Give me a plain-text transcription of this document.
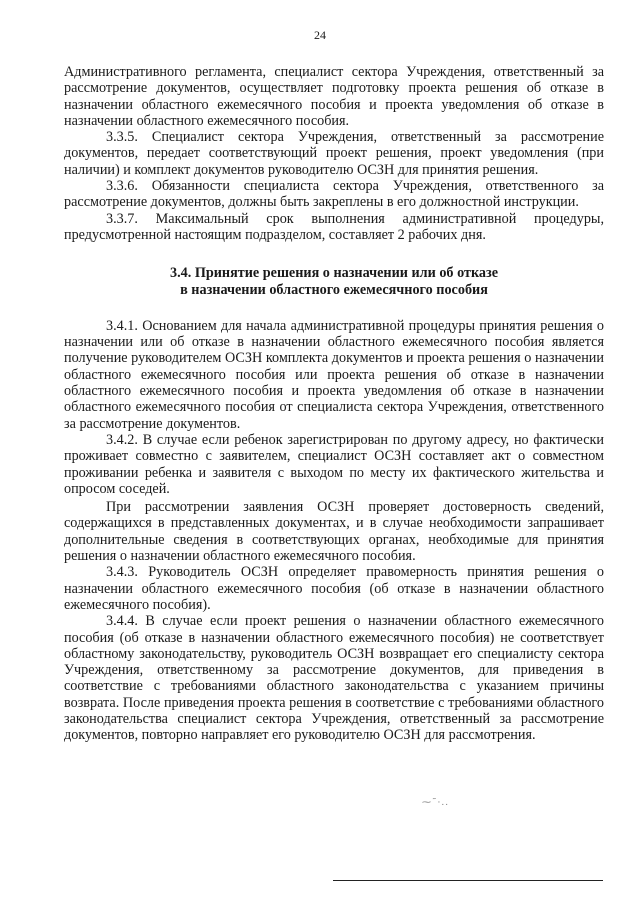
24

Административного регламента, специалист сектора Учреждения, ответственный за рассмотрение документов, осуществляет подготовку проекта решения об отказе в назначении областного ежемесячного пособия и проекта уведомления об отказе в назначении областного ежемесячного пособия.

3.3.5. Специалист сектора Учреждения, ответственный за рассмотрение документов, передает соответствующий проект решения, проект уведомления (при наличии) и комплект документов руководителю ОСЗН для принятия решения.

3.3.6. Обязанности специалиста сектора Учреждения, ответственного за рассмотрение документов, должны быть закреплены в его должностной инструкции.

3.3.7. Максимальный срок выполнения административной процедуры, предусмотренной настоящим подразделом, составляет 2 рабочих дня.

3.4. Принятие решения о назначении или об отказе
в назначении областного ежемесячного пособия

3.4.1. Основанием для начала административной процедуры принятия решения о назначении или об отказе в назначении областного ежемесячного пособия является получение руководителем ОСЗН комплекта документов и проекта решения о назначении областного ежемесячного пособия или проекта решения об отказе в назначении областного ежемесячного пособия и проекта уведомления об отказе в назначении областного ежемесячного пособия от специалиста сектора Учреждения, ответственного за рассмотрение документов.

3.4.2. В случае если ребенок зарегистрирован по другому адресу, но фактически проживает совместно с заявителем, специалист ОСЗН составляет акт о совместном проживании ребенка и заявителя с выходом по месту их фактического жительства и опросом соседей.

При рассмотрении заявления ОСЗН проверяет достоверность сведений, содержащихся в представленных документах, и в случае необходимости запрашивает дополнительные сведения в соответствующих органах, необходимые для принятия решения о назначении областного ежемесячного пособия.

3.4.3. Руководитель ОСЗН определяет правомерность принятия решения о назначении областного ежемесячного пособия (об отказе в назначении областного ежемесячного пособия).

3.4.4. В случае если проект решения о назначении областного ежемесячного пособия (об отказе в назначении областного ежемесячного пособия) не соответствует областному законодательству, руководитель ОСЗН возвращает его специалисту сектора Учреждения, ответственному за рассмотрение документов, для приведения в соответствие с требованиями областного законодательства с указанием причины возврата. После приведения проекта решения в соответствие с требованиями областного законодательства специалист сектора Учреждения, ответственный за рассмотрение документов, повторно направляет его руководителю ОСЗН для рассмотрения.

⁓˜·..
